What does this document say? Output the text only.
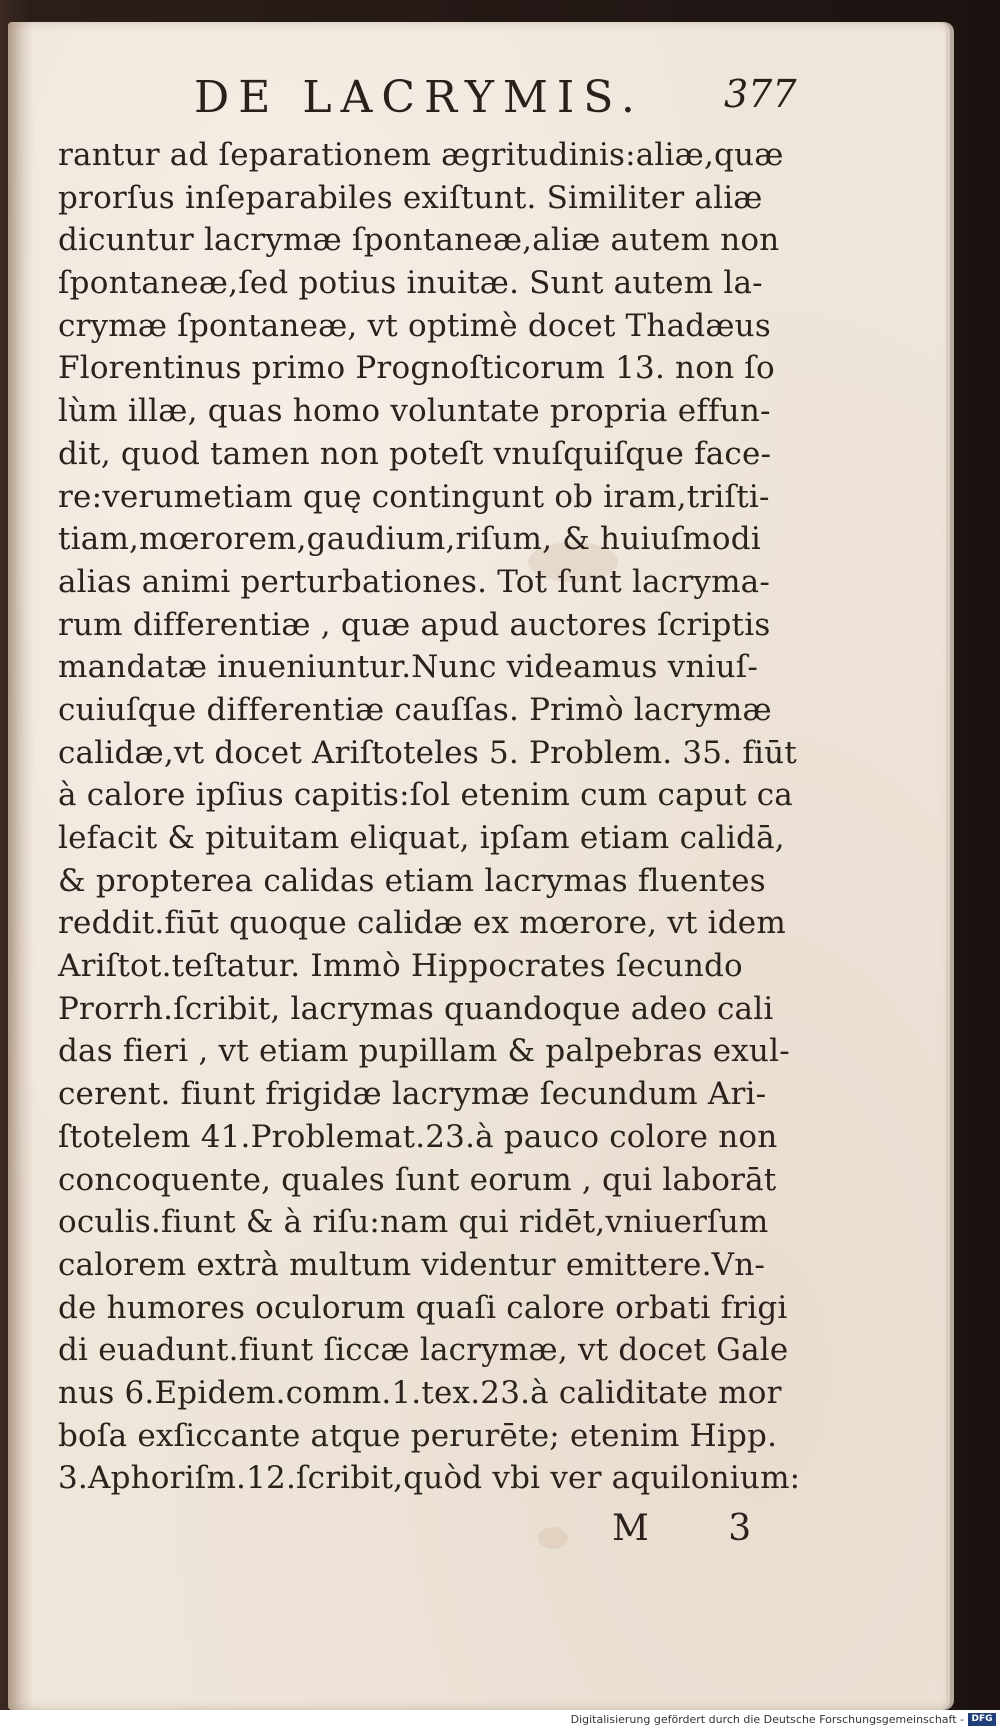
DE LACRYMIS. 377
rantur ad ſeparationem ægritudinis:aliæ,quæ
prorſus inſeparabiles exiſtunt. Similiter aliæ
dicuntur lacrymæ ſpontaneæ,aliæ autem non
ſpontaneæ,ſed potius inuitæ. Sunt autem la-
crymæ ſpontaneæ, vt optimè docet Thadæus
Florentinus primo Prognoſticorum 13. non ſo
lùm illæ, quas homo voluntate propria effun-
dit, quod tamen non poteſt vnuſquiſque face-
re:verumetiam quę contingunt ob iram,triſti-
tiam,mœrorem,gaudium,riſum, & huiuſmodi
alias animi perturbationes. Tot ſunt lacryma-
rum differentiæ , quæ apud auctores ſcriptis
mandatæ inueniuntur.Nunc videamus vniuſ-
cuiuſque differentiæ cauſſas. Primò lacrymæ
calidæ,vt docet Ariſtoteles 5. Problem. 35. fiūt
à calore ipſius capitis:ſol etenim cum caput ca
lefacit & pituitam eliquat, ipſam etiam calidā,
& propterea calidas etiam lacrymas fluentes
reddit.fiūt quoque calidæ ex mœrore, vt idem
Ariſtot.teſtatur. Immò Hippocrates ſecundo
Prorrh.ſcribit, lacrymas quandoque adeo cali
das fieri , vt etiam pupillam & palpebras exul-
cerent. fiunt frigidæ lacrymæ ſecundum Ari-
ſtotelem 41.Problemat.23.à pauco colore non
concoquente, quales ſunt eorum , qui laborāt
oculis.fiunt & à riſu:nam qui ridēt,vniuerſum
calorem extrà multum videntur emittere.Vn-
de humores oculorum quaſi calore orbati frigi
di euadunt.fiunt ſiccæ lacrymæ, vt docet Gale
nus 6.Epidem.comm.1.tex.23.à caliditate mor
boſa exſiccante atque perurēte; etenim Hipp.
3.Aphoriſm.12.ſcribit,quòd vbi ver aquilonium:
M 3
Digitalisierung gefördert durch die Deutsche Forschungsgemeinschaft - DFG
